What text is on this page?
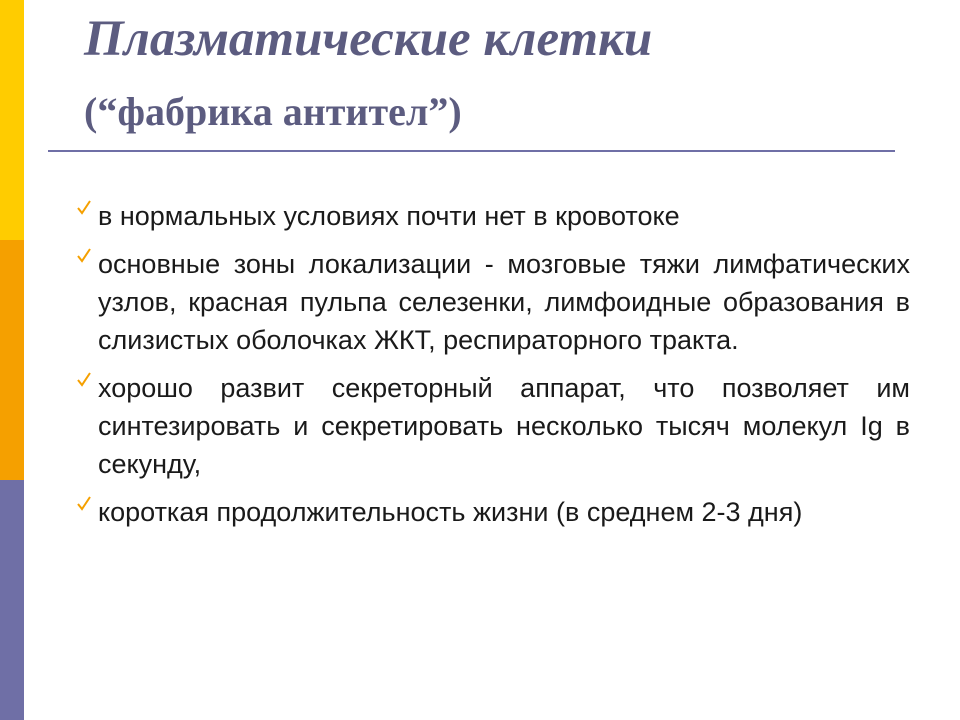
Плазматические клетки
(“фабрика антител”)
в нормальных условиях почти нет в кровотоке
основные зоны локализации - мозговые тяжи лимфатических узлов, красная пульпа селезенки, лимфоидные образования в слизистых оболочках ЖКТ, респираторного тракта.
хорошо развит секреторный аппарат, что позволяет им синтезировать и секретировать несколько тысяч молекул Ig в секунду,
короткая продолжительность жизни (в среднем 2-3 дня)
